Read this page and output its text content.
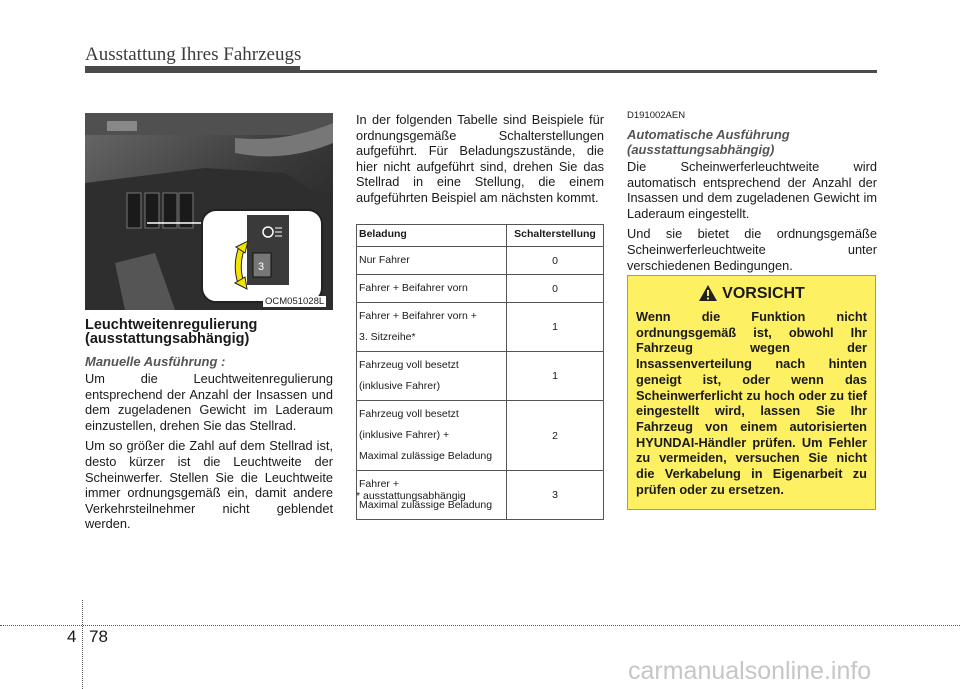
Ausstattung Ihres Fahrzeugs
3
OCM051028L
Leuchtweitenregulierung (ausstattungsabhängig)
Manuelle Ausführung :
Um die Leuchtweitenregulierung entsprechend der Anzahl der Insassen und dem zugeladenen Gewicht im Laderaum einzustellen, drehen Sie das Stellrad.
Um so größer die Zahl auf dem Stellrad ist, desto kürzer ist die Leuchtweite der Scheinwerfer. Stellen Sie die Leuchtweite immer ordnungsgemäß ein, damit andere Verkehrsteilnehmer nicht geblendet werden.
In der folgenden Tabelle sind Beispiele für ordnungsgemäße Schalterstellungen aufgeführt. Für Beladungszustände, die hier nicht aufgeführt sind, drehen Sie das Stellrad in eine Stellung, die einem aufgeführten Beispiel am nächsten kommt.
Beladung	Schalterstellung

Nur Fahrer	0

Fahrer + Beifahrer vorn	0

Fahrer + Beifahrer vorn +
3. Sitzreihe*	1

Fahrzeug voll besetzt
(inklusive Fahrer)	1

Fahrzeug voll besetzt
(inklusive Fahrer) +
Maximal zulässige Beladung	2

Fahrer +
Maximal zulässige Beladung	3
* ausstattungsabhängig
D191002AEN
Automatische Ausführung (ausstattungsabhängig)
Die Scheinwerferleuchtweite wird automatisch entsprechend der Anzahl der Insassen und dem zugeladenen Gewicht im Laderaum eingestellt.
Und sie bietet die ordnungsgemäße Scheinwerferleuchtweite unter verschiedenen Bedingungen.
VORSICHT
Wenn die Funktion nicht ordnungsgemäß ist, obwohl Ihr Fahrzeug wegen der Insassenverteilung nach hinten geneigt ist, oder wenn das Scheinwerferlicht zu hoch oder zu tief eingestellt wird, lassen Sie Ihr Fahrzeug von einem autorisierten HYUNDAI-Händler prüfen. Um Fehler zu vermeiden, versuchen Sie nicht die Verkabelung in Eigenarbeit zu prüfen oder zu ersetzen.
4 78
carmanualsonline.info
